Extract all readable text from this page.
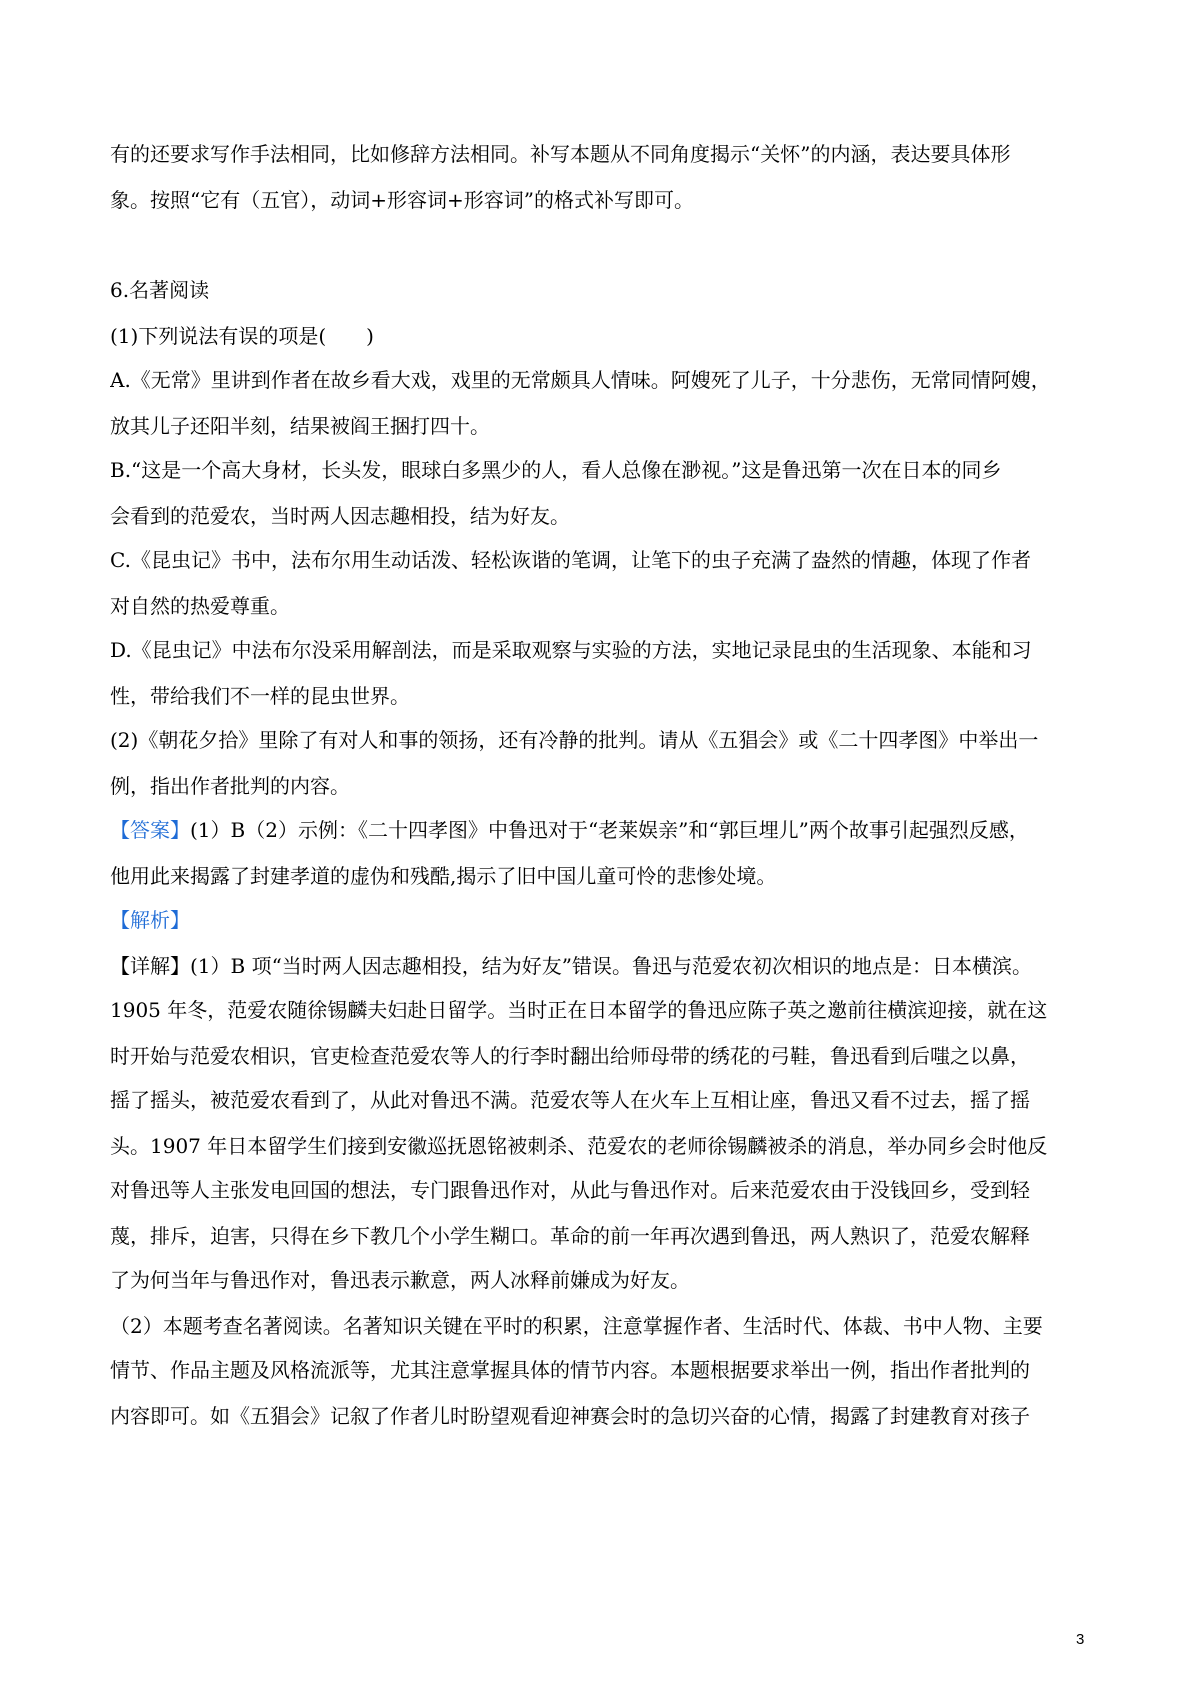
有的还要求写作手法相同，比如修辞方法相同。补写本题从不同角度揭示“关怀”的内涵，表达要具体形
象。按照“它有（五官），动词+形容词+形容词”的格式补写即可。
6.名著阅读
(1)下列说法有误的项是(　　)
A.《无常》里讲到作者在故乡看大戏，戏里的无常颇具人情味。阿嫂死了儿子，十分悲伤，无常同情阿嫂，
放其儿子还阳半刻，结果被阎王捆打四十。
B.“这是一个高大身材，长头发，眼球白多黑少的人，看人总像在渺视。”这是鲁迅第一次在日本的同乡
会看到的范爱农，当时两人因志趣相投，结为好友。
C.《昆虫记》书中，法布尔用生动话泼、轻松诙谐的笔调，让笔下的虫子充满了盎然的情趣，体现了作者
对自然的热爱尊重。
D.《昆虫记》中法布尔没采用解剖法，而是采取观察与实验的方法，实地记录昆虫的生活现象、本能和习
性，带给我们不一样的昆虫世界。
(2)《朝花夕拾》里除了有对人和事的领扬，还有冷静的批判。请从《五猖会》或《二十四孝图》中举出一
例，指出作者批判的内容。
【答案】(1）B（2）示例：《二十四孝图》中鲁迅对于“老莱娱亲”和“郭巨埋儿”两个故事引起强烈反感，
他用此来揭露了封建孝道的虚伪和残酷,揭示了旧中国儿童可怜的悲惨处境。
【解析】
【详解】(1）B 项“当时两人因志趣相投，结为好友”错误。鲁迅与范爱农初次相识的地点是：日本横滨。
1905 年冬，范爱农随徐锡麟夫妇赴日留学。当时正在日本留学的鲁迅应陈子英之邀前往横滨迎接，就在这
时开始与范爱农相识，官吏检查范爱农等人的行李时翻出给师母带的绣花的弓鞋，鲁迅看到后嗤之以鼻，
摇了摇头，被范爱农看到了，从此对鲁迅不满。范爱农等人在火车上互相让座，鲁迅又看不过去，摇了摇
头。1907 年日本留学生们接到安徽巡抚恩铭被刺杀、范爱农的老师徐锡麟被杀的消息，举办同乡会时他反
对鲁迅等人主张发电回国的想法，专门跟鲁迅作对，从此与鲁迅作对。后来范爱农由于没钱回乡，受到轻
蔑，排斥，迫害，只得在乡下教几个小学生糊口。革命的前一年再次遇到鲁迅，两人熟识了，范爱农解释
了为何当年与鲁迅作对，鲁迅表示歉意，两人冰释前嫌成为好友。
（2）本题考查名著阅读。名著知识关键在平时的积累，注意掌握作者、生活时代、体裁、书中人物、主要
情节、作品主题及风格流派等，尤其注意掌握具体的情节内容。本题根据要求举出一例，指出作者批判的
内容即可。如《五猖会》记叙了作者儿时盼望观看迎神赛会时的急切兴奋的心情，揭露了封建教育对孩子
3
